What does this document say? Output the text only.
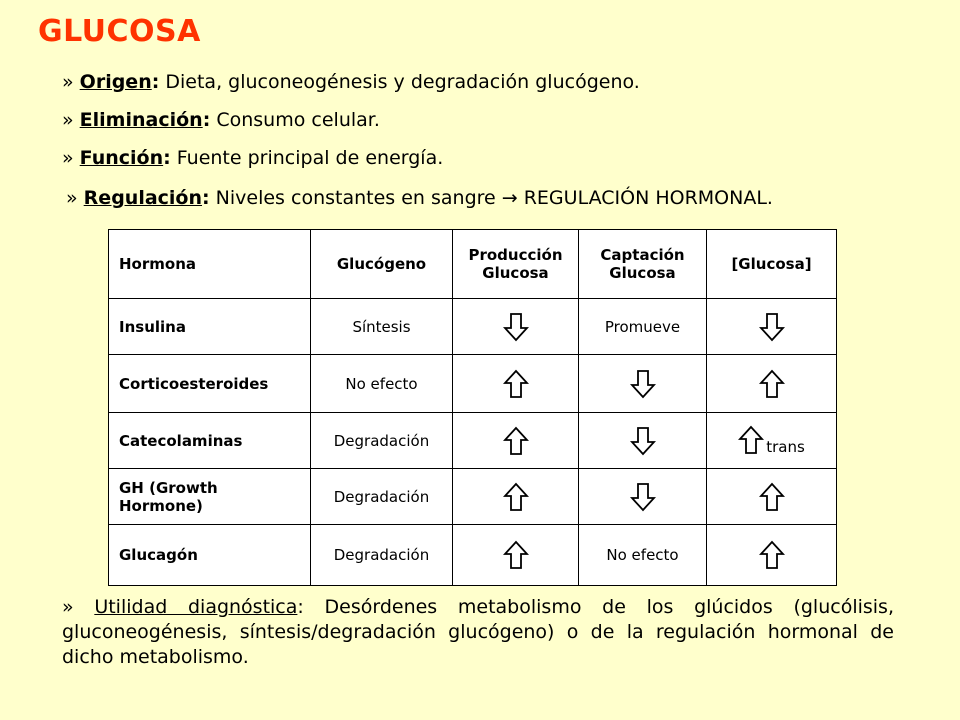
GLUCOSA
» Origen: Dieta, gluconeogénesis y degradación glucógeno.
» Eliminación: Consumo celular.
» Función: Fuente principal de energía.
» Regulación: Niveles constantes en sangre → REGULACIÓN HORMONAL.
Hormona	Glucógeno	Producción Glucosa	Captación Glucosa	[Glucosa]
Insulina	Síntesis		Promueve	
Corticoesteroides	No efecto			
Catecolaminas	Degradación			trans
GH (Growth Hormone)	Degradación			
Glucagón	Degradación		No efecto	
» Utilidad diagnóstica: Desórdenes metabolismo de los glúcidos (glucólisis, gluconeogénesis, síntesis/degradación glucógeno) o de la regulación hormonal de dicho metabolismo.
